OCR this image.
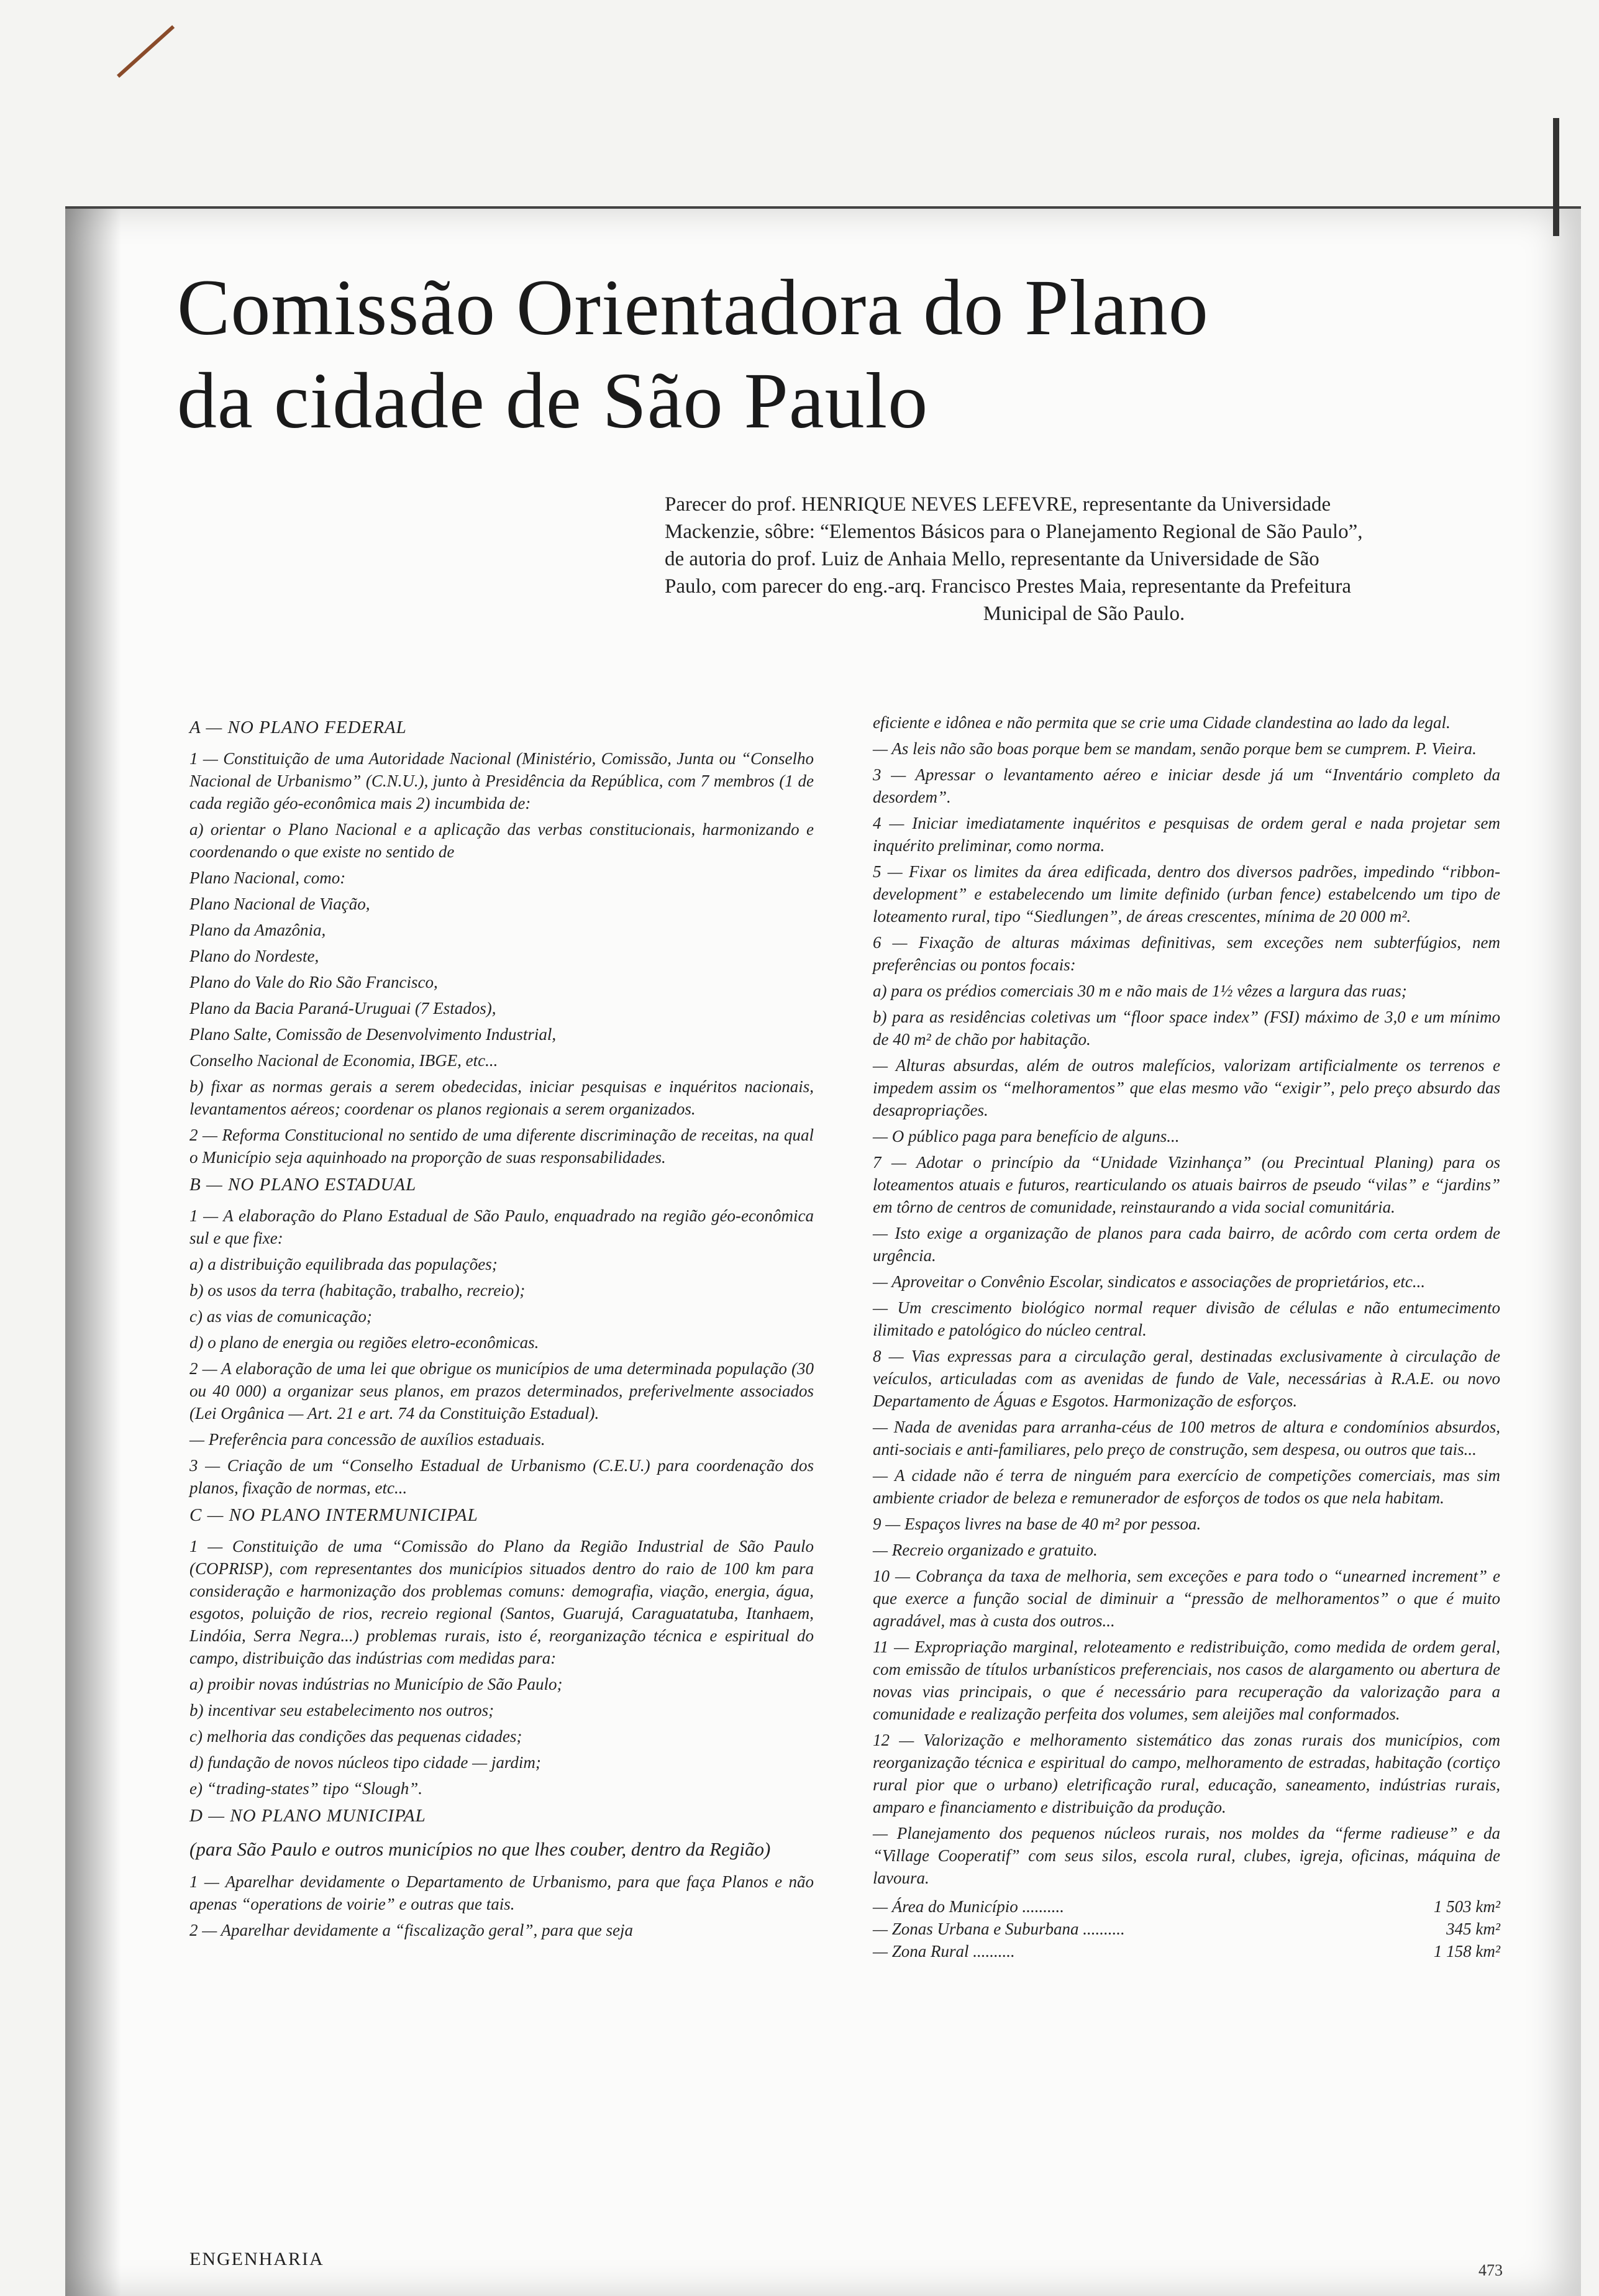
Comissão Orientadora do Plano
da cidade de São Paulo
Parecer do prof. HENRIQUE NEVES LEFEVRE, representante da Universidade
Mackenzie, sôbre: “Elementos Básicos para o Planejamento Regional de São Paulo”,
de autoria do prof. Luiz de Anhaia Mello, representante da Universidade de São
Paulo, com parecer do eng.-arq. Francisco Prestes Maia, representante da Prefeitura
Municipal de São Paulo.

A — NO PLANO FEDERAL

1 — Constituição de uma Autoridade Nacional (Ministério, Comissão, Junta ou “Conselho Nacional de Urbanismo” (C.N.U.), junto à Presidência da República, com 7 membros (1 de cada região géo-econômica mais 2) incumbida de:

a) orientar o Plano Nacional e a aplicação das verbas constitucionais, harmonizando e coordenando o que existe no sentido de

Plano Nacional, como:
Plano Nacional de Viação,
Plano da Amazônia,
Plano do Nordeste,
Plano do Vale do Rio São Francisco,
Plano da Bacia Paraná-Uruguai (7 Estados),
Plano Salte, Comissão de Desenvolvimento Industrial,
Conselho Nacional de Economia, IBGE, etc...

b) fixar as normas gerais a serem obedecidas, iniciar pesquisas e inquéritos nacionais, levantamentos aéreos; coordenar os planos regionais a serem organizados.

2 — Reforma Constitucional no sentido de uma diferente discriminação de receitas, na qual o Município seja aquinhoado na proporção de suas responsabilidades.

B — NO PLANO ESTADUAL

1 — A elaboração do Plano Estadual de São Paulo, enquadrado na região géo-econômica sul e que fixe:

a) a distribuição equilibrada das populações;
b) os usos da terra (habitação, trabalho, recreio);
c) as vias de comunicação;
d) o plano de energia ou regiões eletro-econômicas.

2 — A elaboração de uma lei que obrigue os municípios de uma determinada população (30 ou 40 000) a organizar seus planos, em prazos determinados, preferivelmente associados (Lei Orgânica — Art. 21 e art. 74 da Constituição Estadual).

— Preferência para concessão de auxílios estaduais.

3 — Criação de um “Conselho Estadual de Urbanismo (C.E.U.) para coordenação dos planos, fixação de normas, etc...

C — NO PLANO INTERMUNICIPAL

1 — Constituição de uma “Comissão do Plano da Região Industrial de São Paulo (COPRISP), com representantes dos municípios situados dentro do raio de 100 km para consideração e harmonização dos problemas comuns: demografia, viação, energia, água, esgotos, poluição de rios, recreio regional (Santos, Guarujá, Caraguatatuba, Itanhaem, Lindóia, Serra Negra...) problemas rurais, isto é, reorganização técnica e espiritual do campo, distribuição das indústrias com medidas para:

a) proibir novas indústrias no Município de São Paulo;
b) incentivar seu estabelecimento nos outros;
c) melhoria das condições das pequenas cidades;
d) fundação de novos núcleos tipo cidade — jardim;
e) “trading-states” tipo “Slough”.

D — NO PLANO MUNICIPAL

(para São Paulo e outros municípios no que lhes couber, dentro da Região)

1 — Aparelhar devidamente o Departamento de Urbanismo, para que faça Planos e não apenas “operations de voirie” e outras que tais.

2 — Aparelhar devidamente a “fiscalização geral”, para que seja

eficiente e idônea e não permita que se crie uma Cidade clandestina ao lado da legal.

— As leis não são boas porque bem se mandam, senão porque bem se cumprem. P. Vieira.

3 — Apressar o levantamento aéreo e iniciar desde já um “Inventário completo da desordem”.

4 — Iniciar imediatamente inquéritos e pesquisas de ordem geral e nada projetar sem inquérito preliminar, como norma.

5 — Fixar os limites da área edificada, dentro dos diversos padrões, impedindo “ribbon-development” e estabelecendo um limite definido (urban fence) estabelcendo um tipo de loteamento rural, tipo “Siedlungen”, de áreas crescentes, mínima de 20 000 m².

6 — Fixação de alturas máximas definitivas, sem exceções nem subterfúgios, nem preferências ou pontos focais:

a) para os prédios comerciais 30 m e não mais de 1½ vêzes a largura das ruas;

b) para as residências coletivas um “floor space index” (FSI) máximo de 3,0 e um mínimo de 40 m² de chão por habitação.

— Alturas absurdas, além de outros malefícios, valorizam artificialmente os terrenos e impedem assim os “melhoramentos” que elas mesmo vão “exigir”, pelo preço absurdo das desapropriações.

— O público paga para benefício de alguns...

7 — Adotar o princípio da “Unidade Vizinhança” (ou Precintual Planing) para os loteamentos atuais e futuros, rearticulando os atuais bairros de pseudo “vilas” e “jardins” em tôrno de centros de comunidade, reinstaurando a vida social comunitária.

— Isto exige a organização de planos para cada bairro, de acôrdo com certa ordem de urgência.

— Aproveitar o Convênio Escolar, sindicatos e associações de proprietários, etc...

— Um crescimento biológico normal requer divisão de células e não entumecimento ilimitado e patológico do núcleo central.

8 — Vias expressas para a circulação geral, destinadas exclusivamente à circulação de veículos, articuladas com as avenidas de fundo de Vale, necessárias à R.A.E. ou novo Departamento de Águas e Esgotos. Harmonização de esforços.

— Nada de avenidas para arranha-céus de 100 metros de altura e condomínios absurdos, anti-sociais e anti-familiares, pelo preço de construção, sem despesa, ou outros que tais...

— A cidade não é terra de ninguém para exercício de competições comerciais, mas sim ambiente criador de beleza e remunerador de esforços de todos os que nela habitam.

9 — Espaços livres na base de 40 m² por pessoa.

— Recreio organizado e gratuito.

10 — Cobrança da taxa de melhoria, sem exceções e para todo o “unearned increment” e que exerce a função social de diminuir a “pressão de melhoramentos” o que é muito agradável, mas à custa dos outros...

11 — Expropriação marginal, reloteamento e redistribuição, como medida de ordem geral, com emissão de títulos urbanísticos preferenciais, nos casos de alargamento ou abertura de novas vias principais, o que é necessário para recuperação da valorização para a comunidade e realização perfeita dos volumes, sem aleijões mal conformados.

12 — Valorização e melhoramento sistemático das zonas rurais dos municípios, com reorganização técnica e espiritual do campo, melhoramento de estradas, habitação (cortiço rural pior que o urbano) eletrificação rural, educação, saneamento, indústrias rurais, amparo e financiamento e distribuição da produção.

— Planejamento dos pequenos núcleos rurais, nos moldes da “ferme radieuse” e da “Village Cooperatif” com seus silos, escola rural, clubes, igreja, oficinas, máquina de lavoura.

— Área do Município ..........	1 503 km²
— Zonas Urbana e Suburbana ..........	345 km²
— Zona Rural ..........	1 158 km²
ENGENHARIA
473
